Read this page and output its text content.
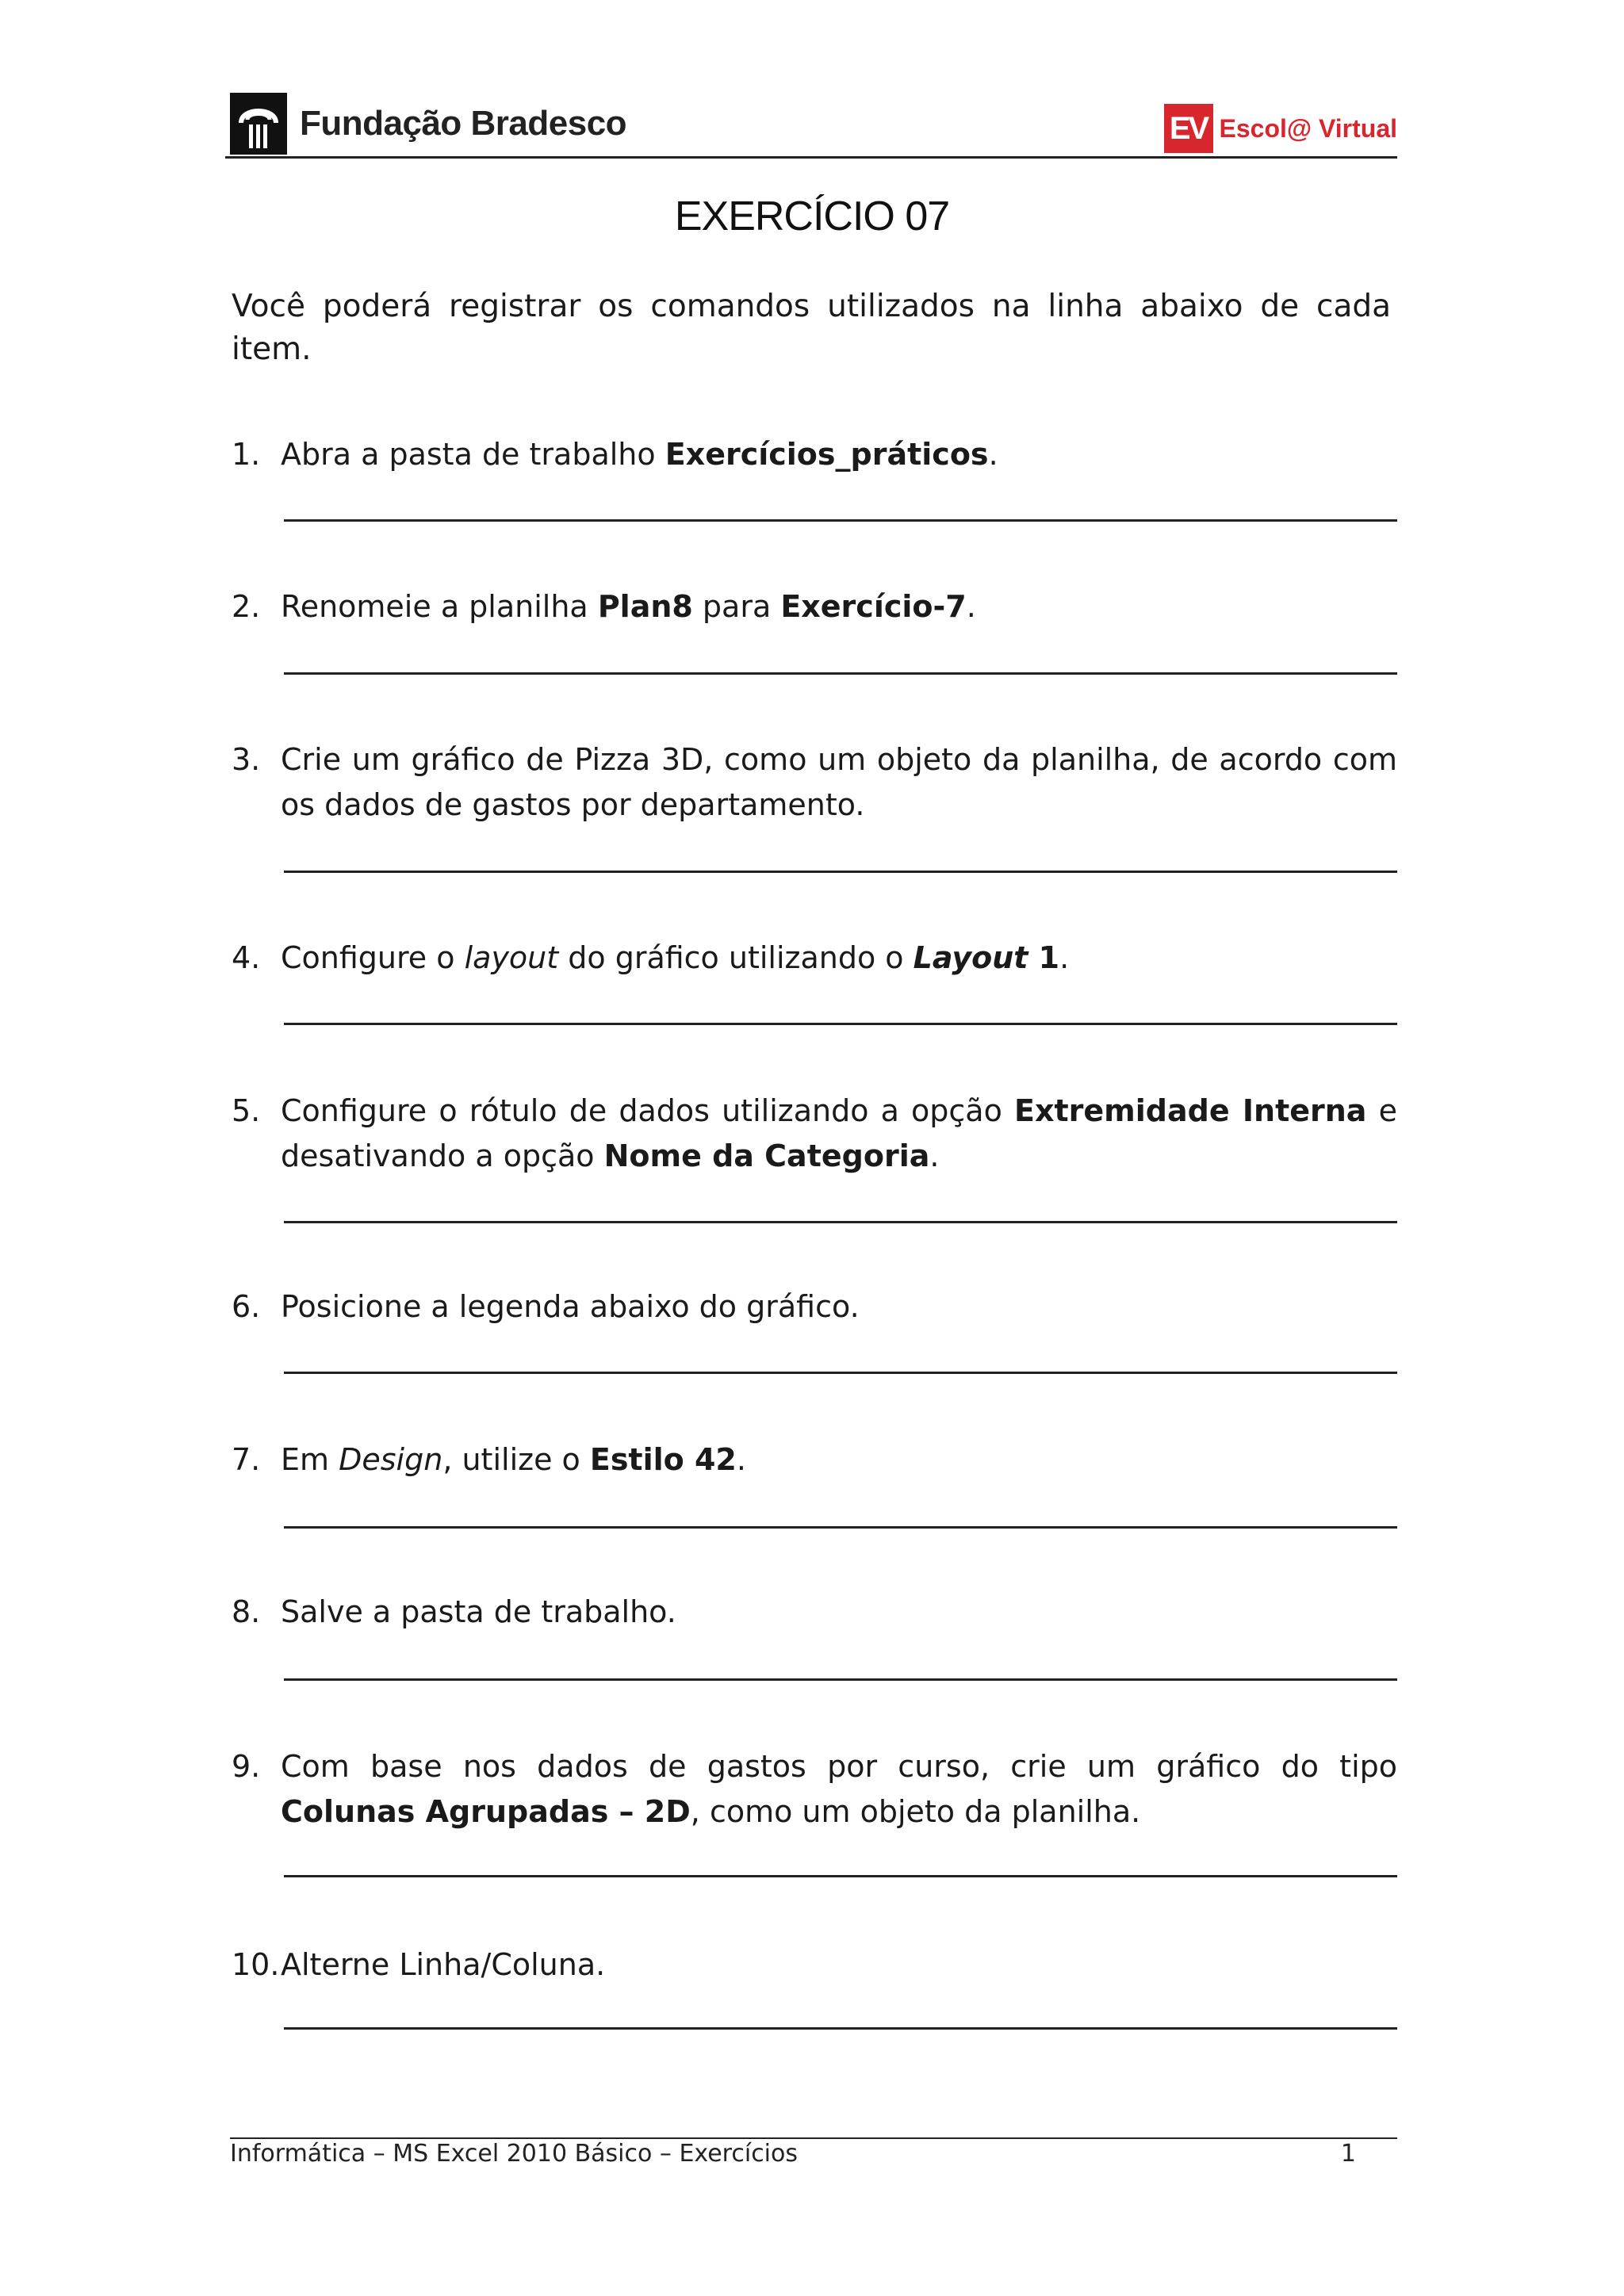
Fundação Bradesco	EV Escol@ Virtual
EXERCÍCIO 07
Você poderá registrar os comandos utilizados na linha abaixo de cada item.
1. Abra a pasta de trabalho Exercícios_práticos.
2. Renomeie a planilha Plan8 para Exercício-7.
3. Crie um gráfico de Pizza 3D, como um objeto da planilha, de acordo com os dados de gastos por departamento.
4. Configure o layout do gráfico utilizando o Layout 1.
5. Configure o rótulo de dados utilizando a opção Extremidade Interna e desativando a opção Nome da Categoria.
6. Posicione a legenda abaixo do gráfico.
7. Em Design, utilize o Estilo 42.
8. Salve a pasta de trabalho.
9. Com base nos dados de gastos por curso, crie um gráfico do tipo Colunas Agrupadas – 2D, como um objeto da planilha.
10. Alterne Linha/Coluna.
Informática – MS Excel 2010 Básico – Exercícios	1
